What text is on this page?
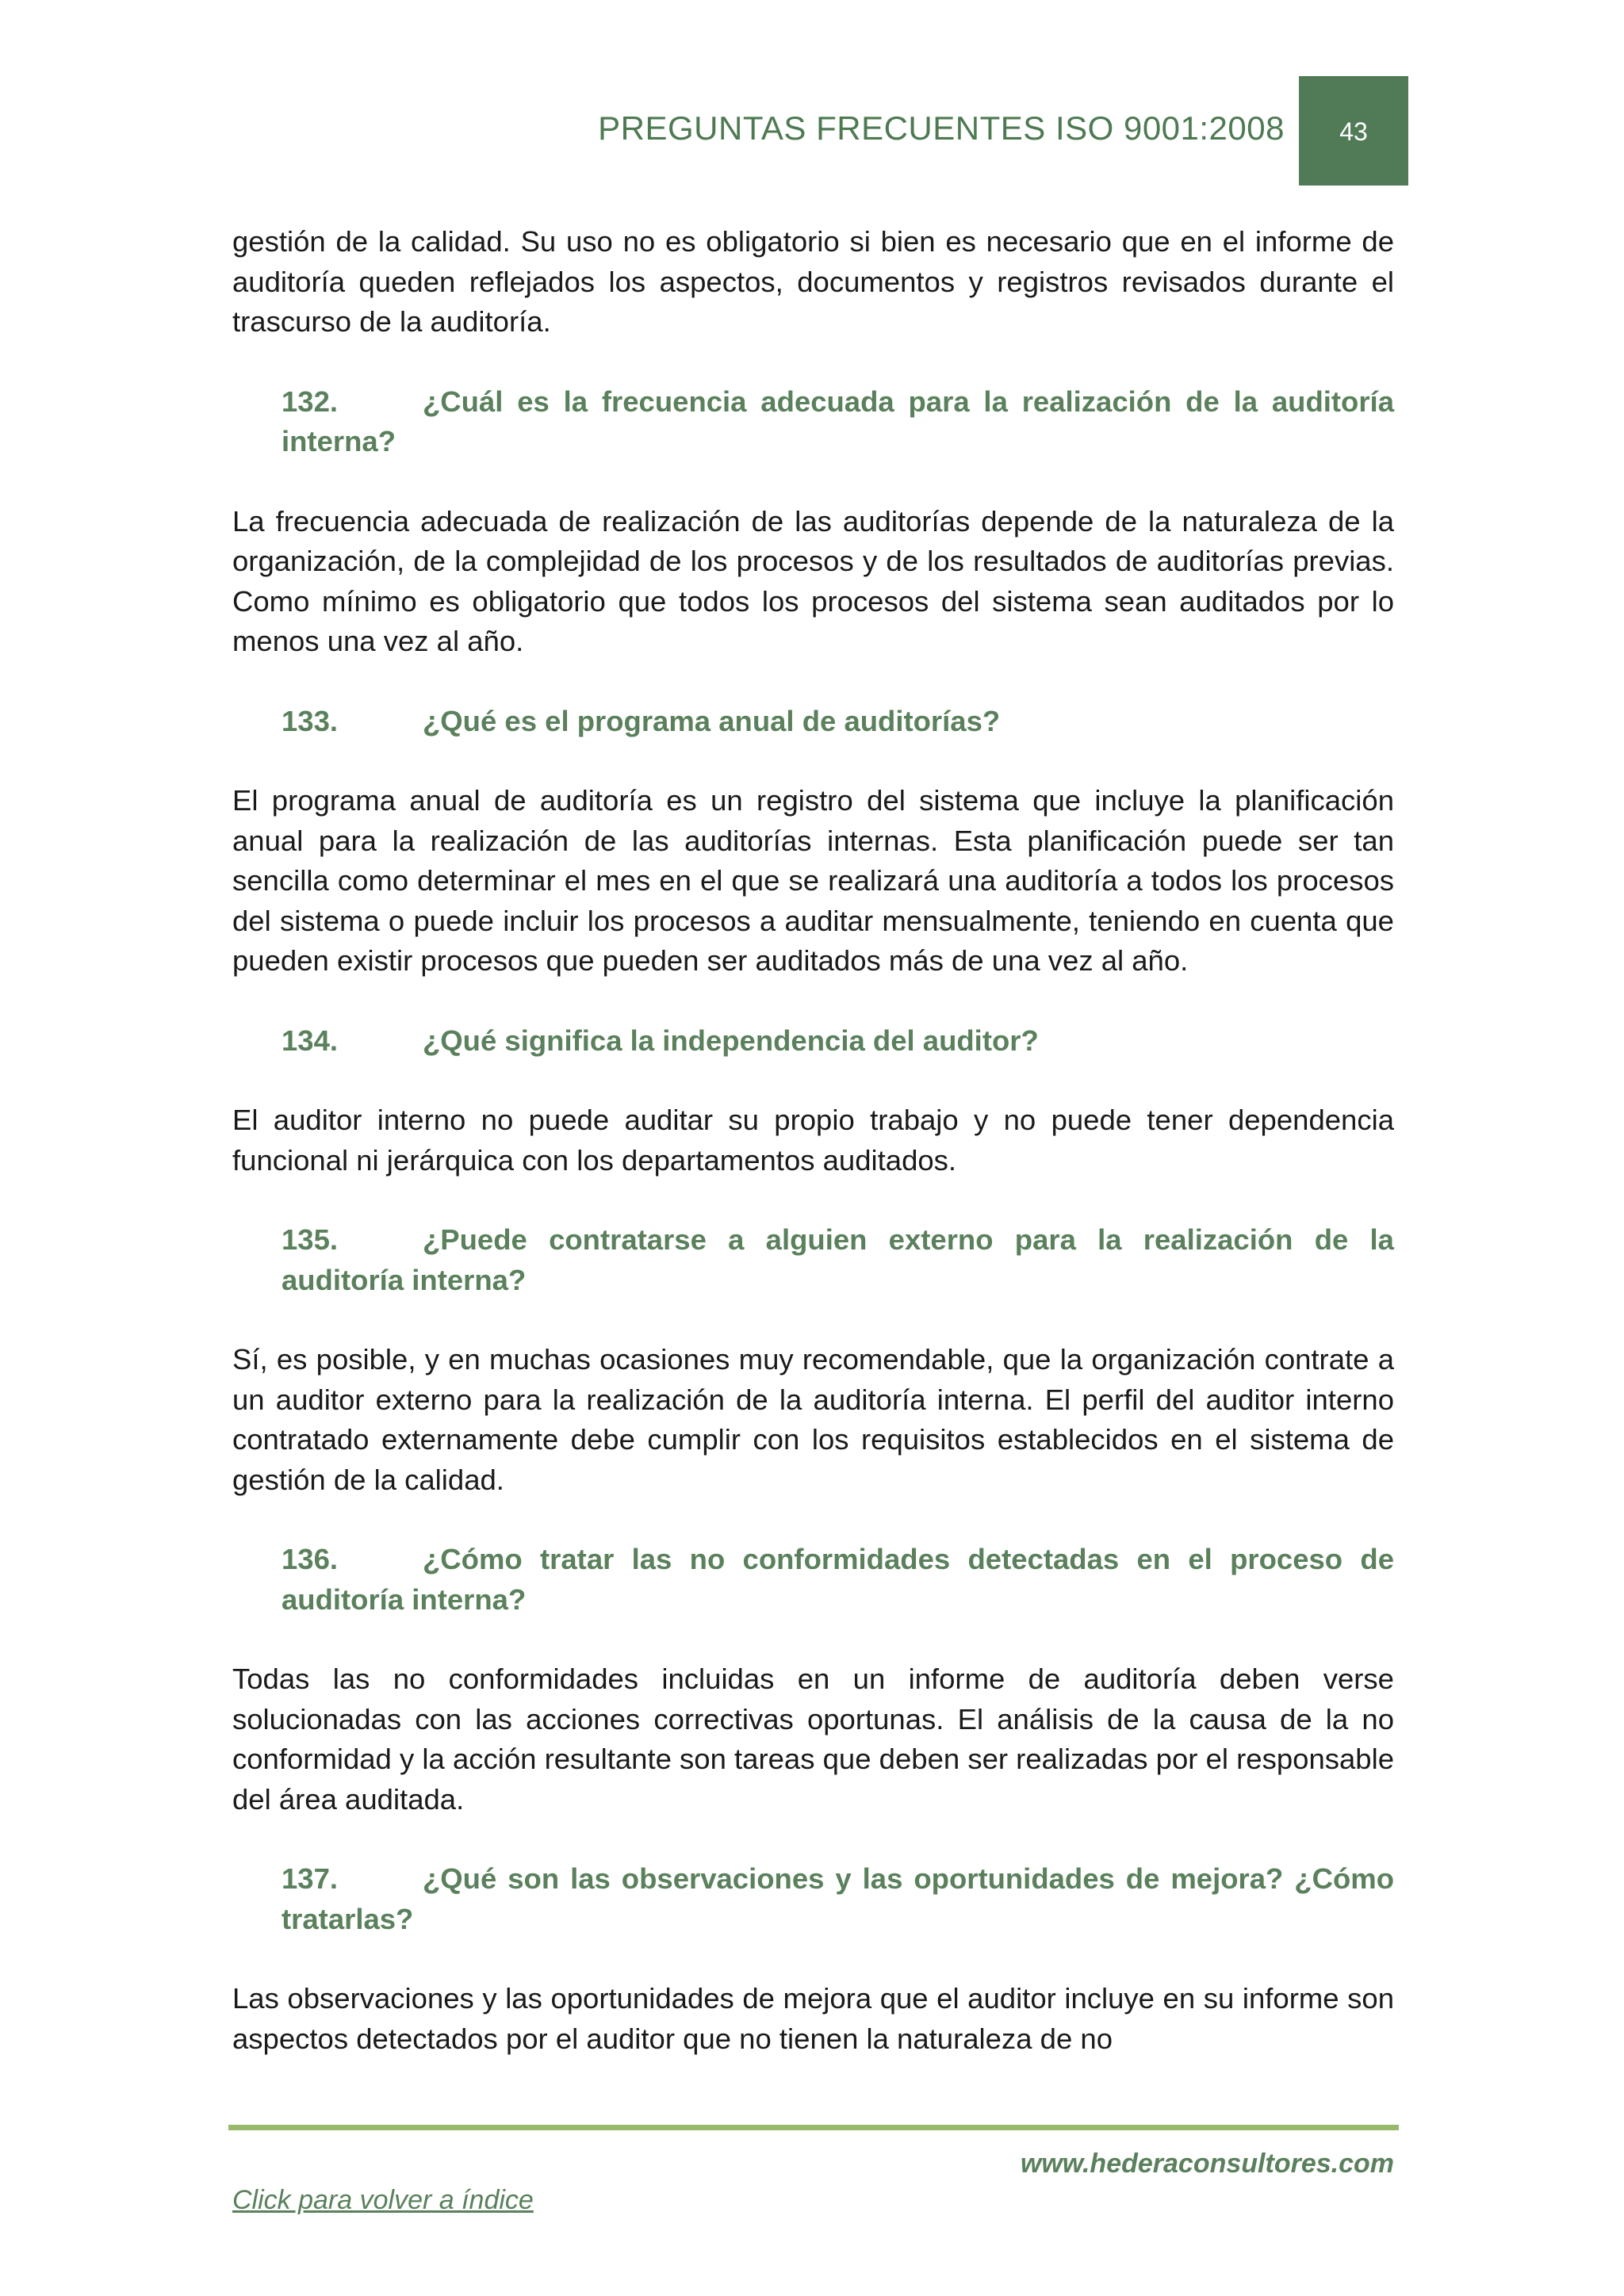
PREGUNTAS FRECUENTES ISO 9001:2008 43

gestión de la calidad. Su uso no es obligatorio si bien es necesario que en el informe de auditoría queden reflejados los aspectos, documentos y registros revisados durante el trascurso de la auditoría.

132.	¿Cuál es la frecuencia adecuada para la realización de la auditoría interna?

La frecuencia adecuada de realización de las auditorías depende de la naturaleza de la organización, de la complejidad de los procesos y de los resultados de auditorías previas. Como mínimo es obligatorio que todos los procesos del sistema sean auditados por lo menos una vez al año.

133.	¿Qué es el programa anual de auditorías?

El programa anual de auditoría es un registro del sistema que incluye la planificación anual para la realización de las auditorías internas. Esta planificación puede ser tan sencilla como determinar el mes en el que se realizará una auditoría a todos los procesos del sistema o puede incluir los procesos a auditar mensualmente, teniendo en cuenta que pueden existir procesos que pueden ser auditados más de una vez al año.

134.	¿Qué significa la independencia del auditor?

El auditor interno no puede auditar su propio trabajo y no puede tener dependencia funcional ni jerárquica con los departamentos auditados.

135.	¿Puede contratarse a alguien externo para la realización de la auditoría interna?

Sí, es posible, y en muchas ocasiones muy recomendable, que la organización contrate a un auditor externo para la realización de la auditoría interna. El perfil del auditor interno contratado externamente debe cumplir con los requisitos establecidos en el sistema de gestión de la calidad.

136.	¿Cómo tratar las no conformidades detectadas en el proceso de auditoría interna?

Todas las no conformidades incluidas en un informe de auditoría deben verse solucionadas con las acciones correctivas oportunas. El análisis de la causa de la no conformidad y la acción resultante son tareas que deben ser realizadas por el responsable del área auditada.

137.	¿Qué son las observaciones y las oportunidades de mejora? ¿Cómo tratarlas?

Las observaciones y las oportunidades de mejora que el auditor incluye en su informe son aspectos detectados por el auditor que no tienen la naturaleza de no

www.hederaconsultores.com
Click para volver a índice
